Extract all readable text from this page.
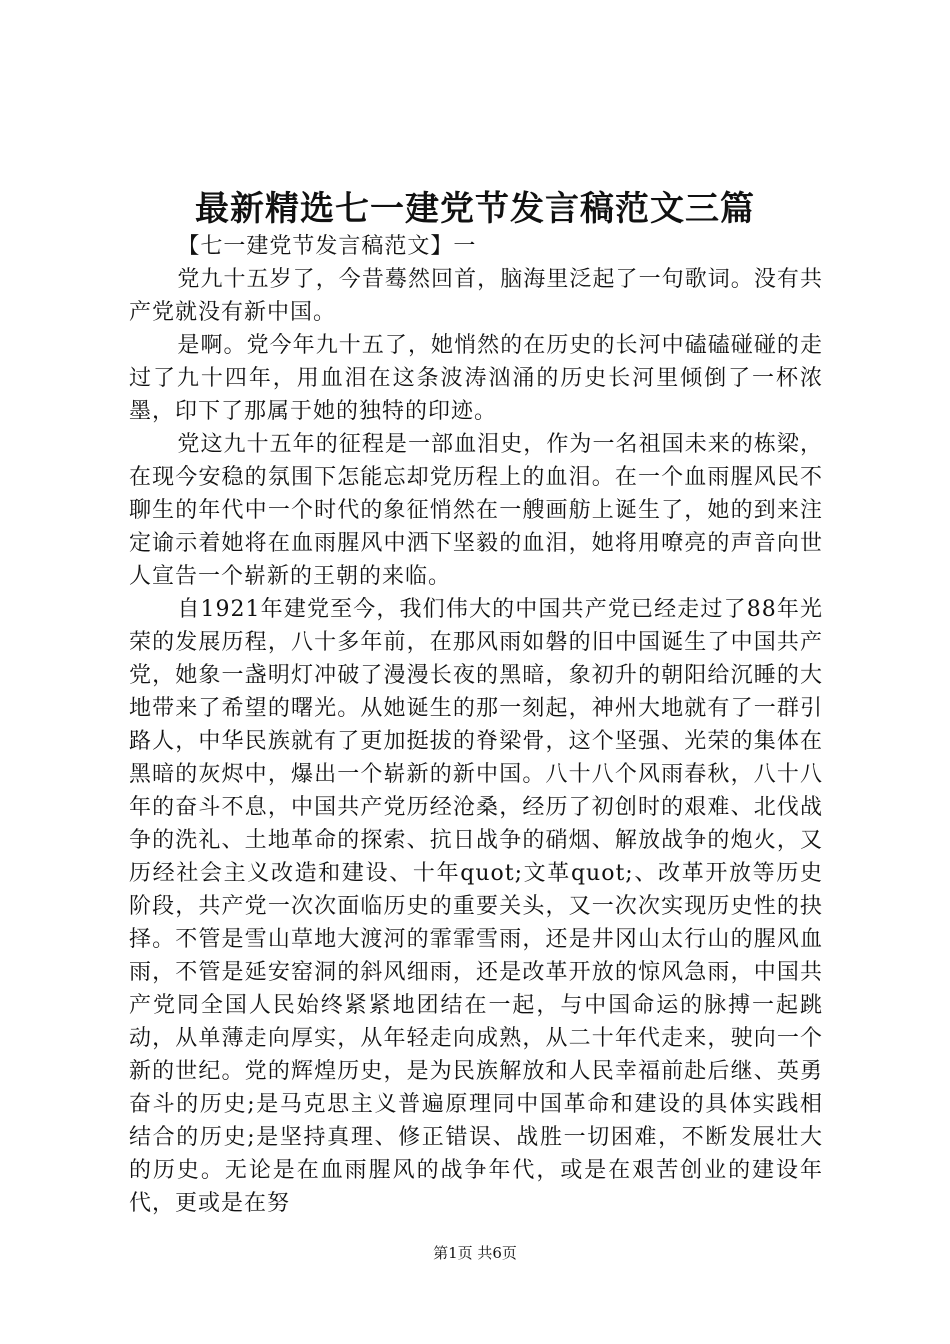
最新精选七一建党节发言稿范文三篇

【七一建党节发言稿范文】一

党九十五岁了，今昔蓦然回首，脑海里泛起了一句歌词。没有共产党就没有新中国。

是啊。党今年九十五了，她悄然的在历史的长河中磕磕碰碰的走过了九十四年，用血泪在这条波涛汹涌的历史长河里倾倒了一杯浓墨，印下了那属于她的独特的印迹。

党这九十五年的征程是一部血泪史，作为一名祖国未来的栋梁，在现今安稳的氛围下怎能忘却党历程上的血泪。在一个血雨腥风民不聊生的年代中一个时代的象征悄然在一艘画舫上诞生了，她的到来注定谕示着她将在血雨腥风中洒下坚毅的血泪，她将用嘹亮的声音向世人宣告一个崭新的王朝的来临。

自1921年建党至今，我们伟大的中国共产党已经走过了88年光荣的发展历程，八十多年前，在那风雨如磐的旧中国诞生了中国共产党，她象一盏明灯冲破了漫漫长夜的黑暗，象初升的朝阳给沉睡的大地带来了希望的曙光。从她诞生的那一刻起，神州大地就有了一群引路人，中华民族就有了更加挺拔的脊梁骨，这个坚强、光荣的集体在黑暗的灰烬中，爆出一个崭新的新中国。八十八个风雨春秋，八十八年的奋斗不息，中国共产党历经沧桑，经历了初创时的艰难、北伐战争的洗礼、土地革命的探索、抗日战争的硝烟、解放战争的炮火，又历经社会主义改造和建设、十年quot;文革quot;、改革开放等历史阶段，共产党一次次面临历史的重要关头，又一次次实现历史性的抉择。不管是雪山草地大渡河的霏霏雪雨，还是井冈山太行山的腥风血雨，不管是延安窑洞的斜风细雨，还是改革开放的惊风急雨，中国共产党同全国人民始终紧紧地团结在一起，与中国命运的脉搏一起跳动，从单薄走向厚实，从年轻走向成熟，从二十年代走来，驶向一个新的世纪。党的辉煌历史，是为民族解放和人民幸福前赴后继、英勇奋斗的历史;是马克思主义普遍原理同中国革命和建设的具体实践相结合的历史;是坚持真理、修正错误、战胜一切困难，不断发展壮大的历史。无论是在血雨腥风的战争年代，或是在艰苦创业的建设年代，更或是在努

第1页 共6页
